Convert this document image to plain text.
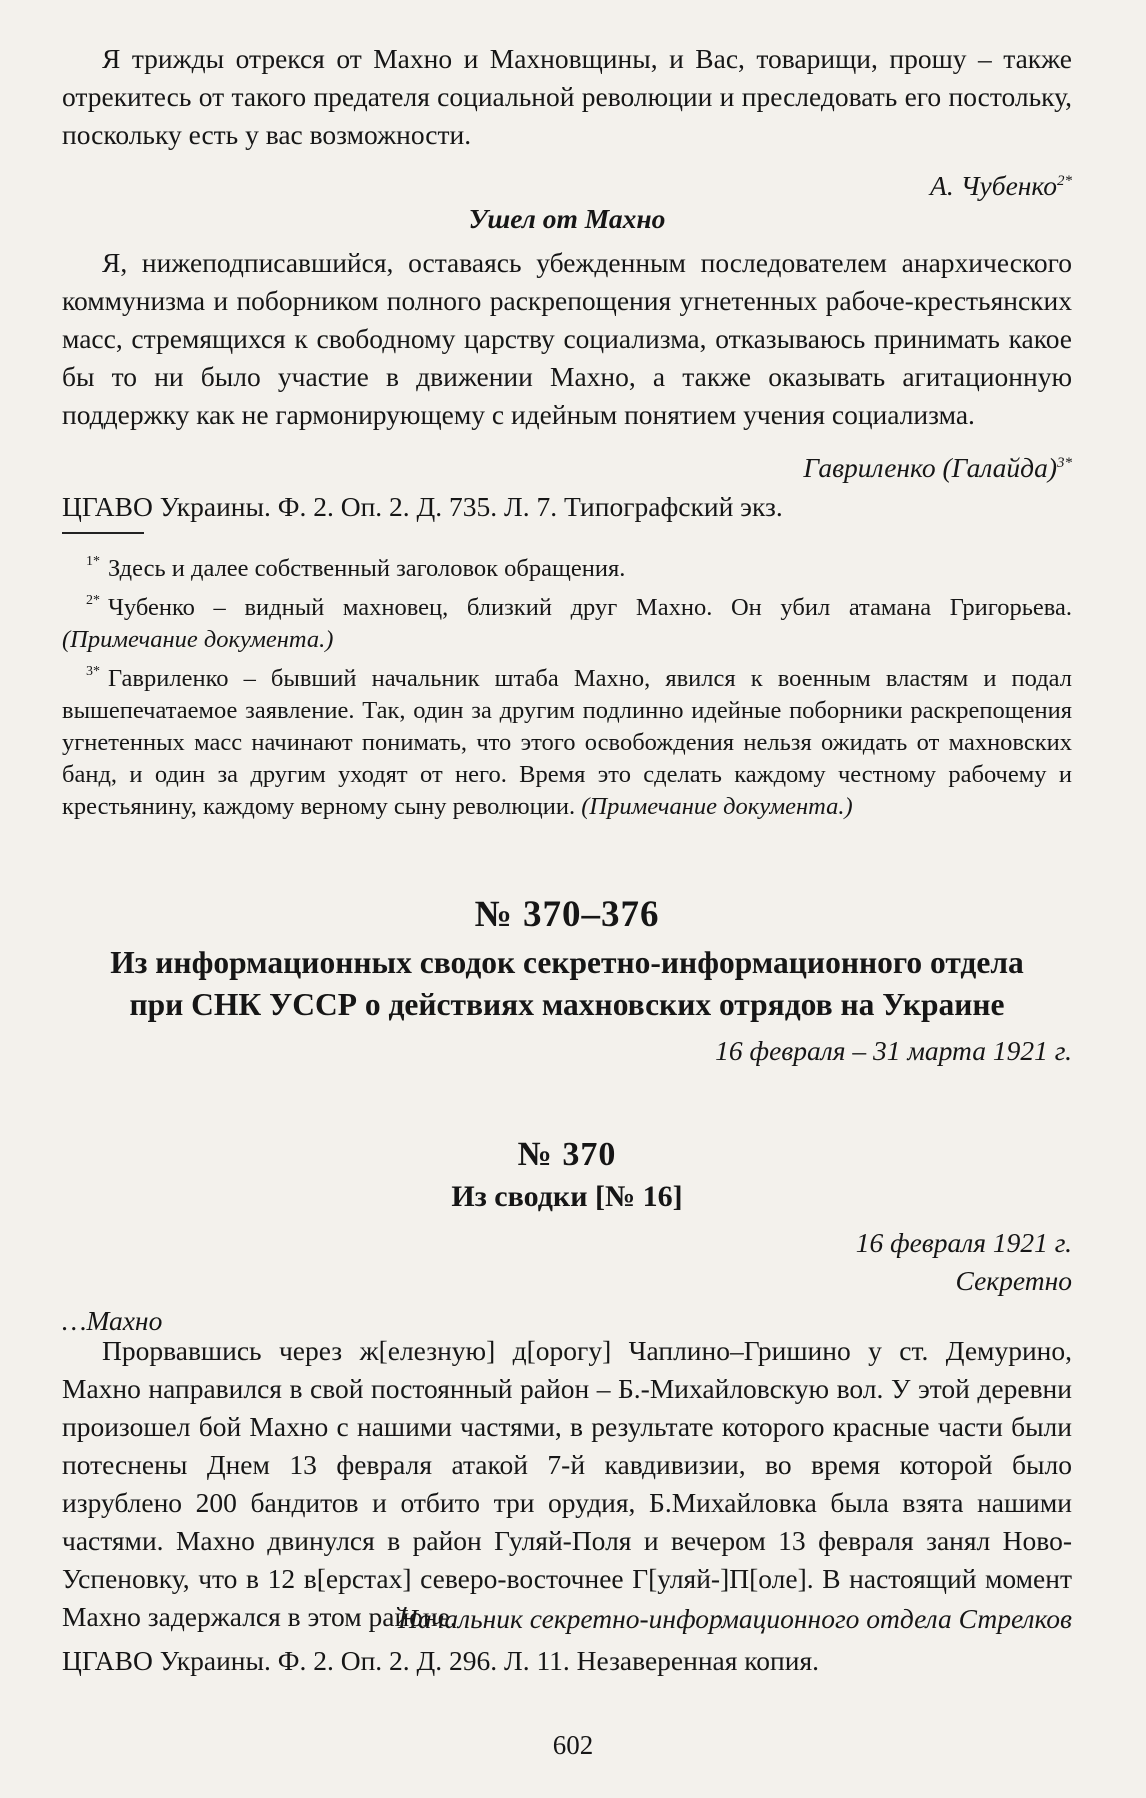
Я трижды отрекся от Махно и Махновщины, и Вас, товарищи, прошу – также отрекитесь от такого предателя социальной революции и преследовать его постольку, поскольку есть у вас возможности.

А. Чубенко$^{2*}$

Ушел от Махно

Я, нижеподписавшийся, оставаясь убежденным последователем анархического коммунизма и поборником полного раскрепощения угнетенных рабоче-крестьянских масс, стремящихся к свободному царству социализма, отказываюсь принимать какое бы то ни было участие в движении Махно, а также оказывать агитационную поддержку как не гармонирующему с идейным понятием учения социализма.

Гавриленко (Галайда)$^{3*}$

ЦГАВО Украины. Ф. 2. Оп. 2. Д. 735. Л. 7. Типографский экз.

$^{1*}$ Здесь и далее собственный заголовок обращения.

$^{2*}$ Чубенко – видный махновец, близкий друг Махно. Он убил атамана Григорьева. (Примечание документа.)

$^{3*}$ Гавриленко – бывший начальник штаба Махно, явился к военным властям и подал вышепечатаемое заявление. Так, один за другим подлинно идейные поборники раскрепощения угнетенных масс начинают понимать, что этого освобождения нельзя ожидать от махновских банд, и один за другим уходят от него. Время это сделать каждому честному рабочему и крестьянину, каждому верному сыну революции. (Примечание документа.)

№ 370–376

Из информационных сводок секретно-информационного отдела

при СНК УССР о действиях махновских отрядов на Украине

16 февраля – 31 марта 1921 г.

№ 370

Из сводки [№ 16]

16 февраля 1921 г.

Секретно

…Махно

Прорвавшись через ж[елезную] д[орогу] Чаплино–Гришино у ст. Демурино, Махно направился в свой постоянный район – Б.-Михайловскую вол. У этой деревни произошел бой Махно с нашими частями, в результате которого красные части были потеснены Днем 13 февраля атакой 7-й кавдивизии, во время которой было изрублено 200 бандитов и отбито три орудия, Б.Михайловка была взята нашими частями. Махно двинулся в район Гуляй-Поля и вечером 13 февраля занял Ново-Успеновку, что в 12 в[ерстах] северо-восточнее Г[уляй-]П[оле]. В настоящий момент Махно задержался в этом районе.

Начальник секретно-информационного отдела Стрелков

ЦГАВО Украины. Ф. 2. Оп. 2. Д. 296. Л. 11. Незаверенная копия.

602
